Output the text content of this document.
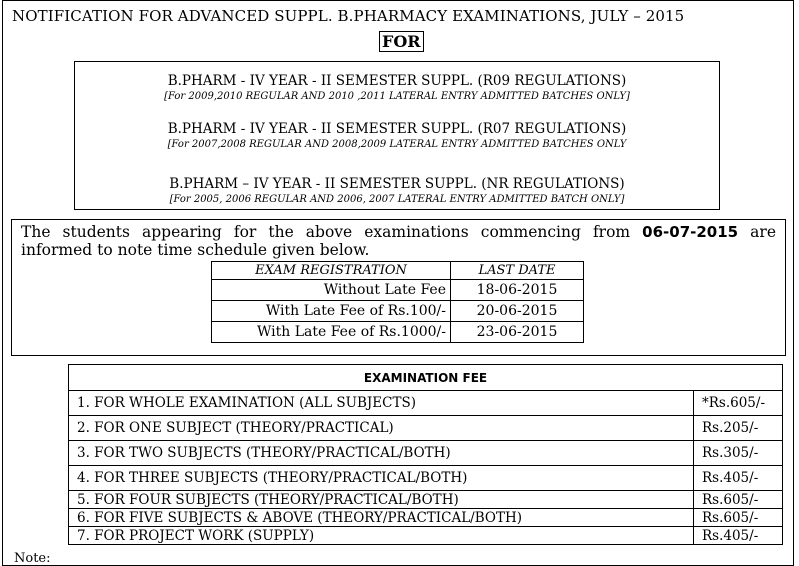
NOTIFICATION FOR ADVANCED SUPPL. B.PHARMACY EXAMINATIONS, JULY – 2015
FOR
B.PHARM - IV YEAR - II SEMESTER SUPPL. (R09 REGULATIONS)
[For 2009,2010 REGULAR AND 2010 ,2011 LATERAL ENTRY ADMITTED BATCHES ONLY]
B.PHARM - IV YEAR - II SEMESTER SUPPL. (R07 REGULATIONS)
[For 2007,2008 REGULAR AND 2008,2009 LATERAL ENTRY ADMITTED BATCHES ONLY
B.PHARM – IV YEAR - II SEMESTER SUPPL. (NR REGULATIONS)
[For 2005, 2006 REGULAR AND 2006, 2007 LATERAL ENTRY ADMITTED BATCH ONLY]
The students appearing for the above examinations commencing from 06-07-2015 are
informed to note time schedule given below.
EXAM REGISTRATION	LAST DATE
Without Late Fee	18-06-2015
With Late Fee of Rs.100/-	20-06-2015
With Late Fee of Rs.1000/-	23-06-2015
EXAMINATION FEE	
1. FOR WHOLE EXAMINATION (ALL SUBJECTS)	*Rs.605/-
2. FOR ONE SUBJECT (THEORY/PRACTICAL)	Rs.205/-
3. FOR TWO SUBJECTS (THEORY/PRACTICAL/BOTH)	Rs.305/-
4. FOR THREE SUBJECTS (THEORY/PRACTICAL/BOTH)	Rs.405/-
5. FOR FOUR SUBJECTS (THEORY/PRACTICAL/BOTH)	Rs.605/-
6. FOR FIVE SUBJECTS & ABOVE (THEORY/PRACTICAL/BOTH)	Rs.605/-
7. FOR PROJECT WORK (SUPPLY)	Rs.405/-
Note:
